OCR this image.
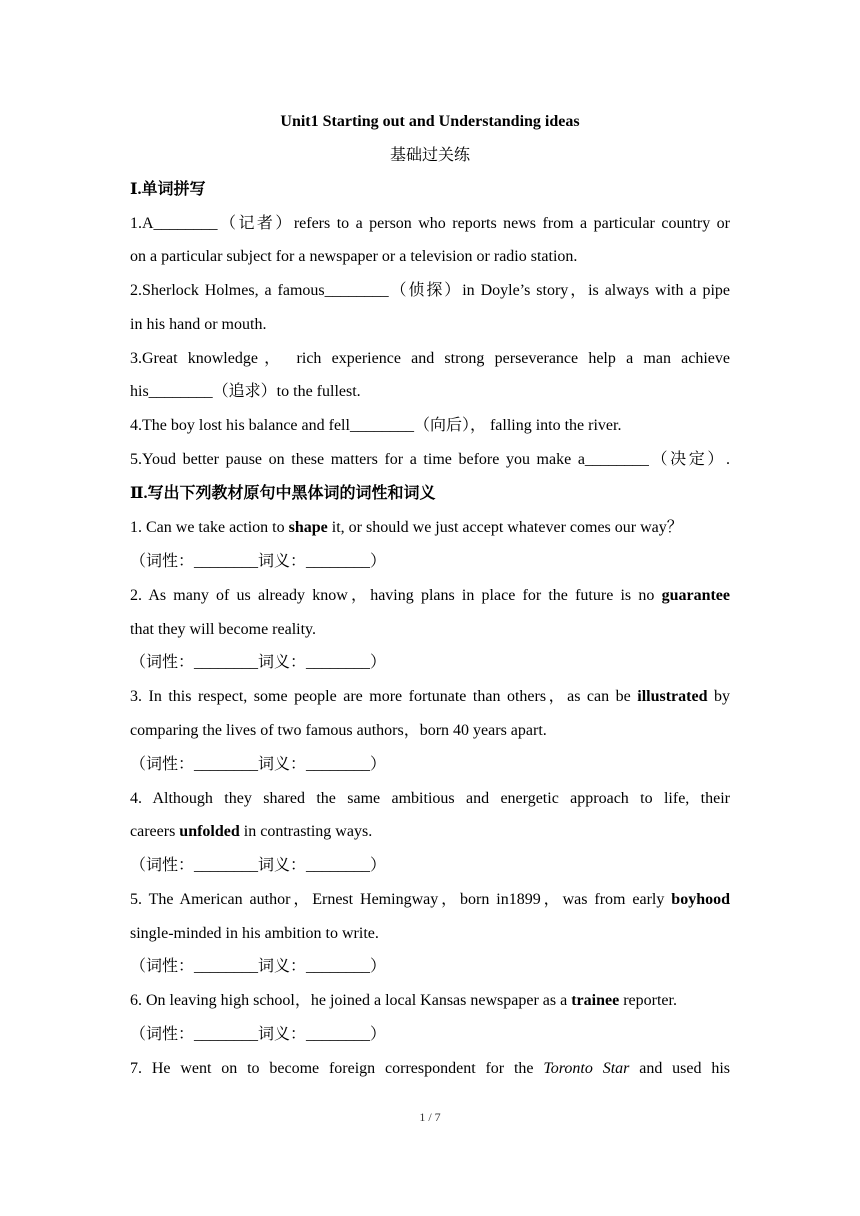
Unit1 Starting out and Understanding ideas
基础过关练
Ⅰ.单词拼写
1.A________（记者）refers to a person who reports news from a particular country or
on a particular subject for a newspaper or a television or radio station.
2.Sherlock Holmes, a famous________（侦探）in Doyle’s story，is always with a pipe
in his hand or mouth.
3.Great knowledge， rich experience and strong perseverance help a man achieve
his________（追求）to the fullest.
4.The boy lost his balance and fell________（向后）， falling into the river.
5.Youd better pause on these matters for a time before you make a________（决定）.
Ⅱ.写出下列教材原句中黑体词的词性和词义
1. Can we take action to shape it, or should we just accept whatever comes our way？
（词性：________词义：________）
2. As many of us already know，having plans in place for the future is no guarantee
that they will become reality.
（词性：________词义：________）
3. In this respect, some people are more fortunate than others，as can be illustrated by
comparing the lives of two famous authors，born 40 years apart.
（词性：________词义：________）
4. Although they shared the same ambitious and energetic approach to life, their
careers unfolded in contrasting ways.
（词性：________词义：________）
5. The American author，Ernest Hemingway，born in1899，was from early boyhood
single-minded in his ambition to write.
（词性：________词义：________）
6. On leaving high school，he joined a local Kansas newspaper as a trainee reporter.
（词性：________词义：________）
7. He went on to become foreign correspondent for the Toronto Star and used his
1 / 7
